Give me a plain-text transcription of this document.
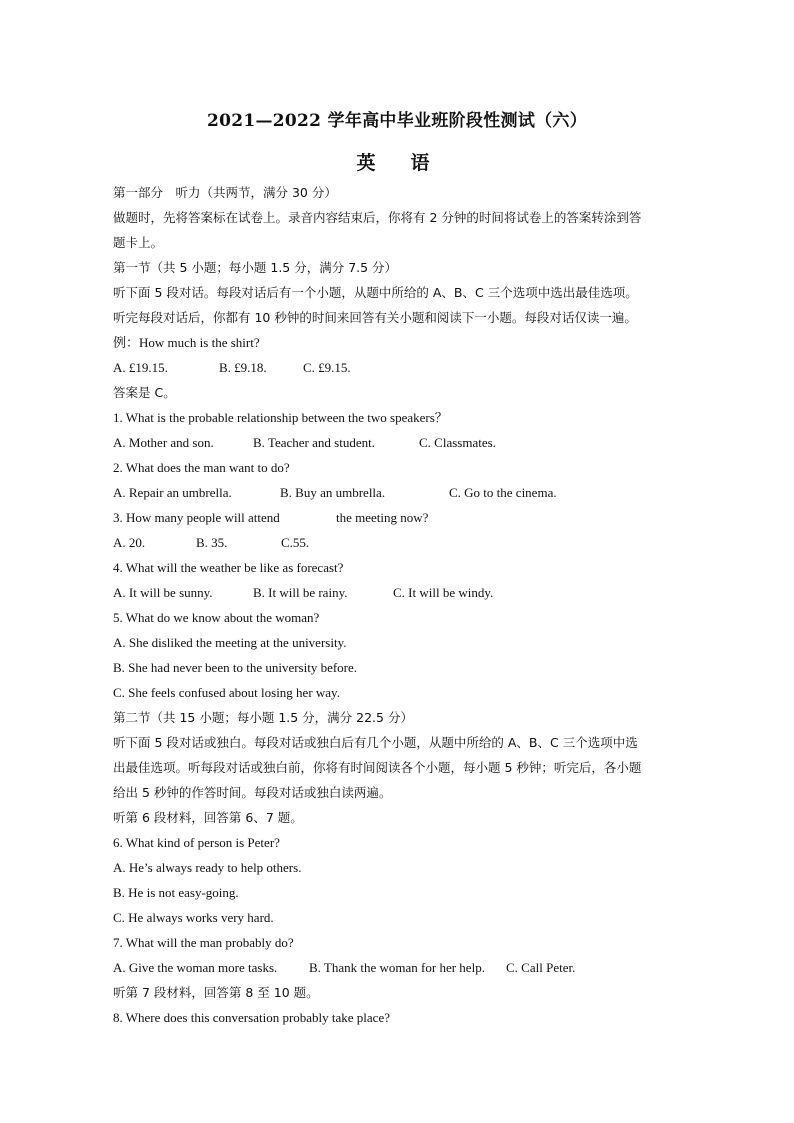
2021—2022 学年高中毕业班阶段性测试（六）
英　语
第一部分　听力（共两节，满分 30 分）
做题时，先将答案标在试卷上。录音内容结束后，你将有 2 分钟的时间将试卷上的答案转涂到答
题卡上。
第一节（共 5 小题；每小题 1.5 分，满分 7.5 分）
听下面 5 段对话。每段对话后有一个小题，从题中所给的 A、B、C 三个选项中选出最佳选项。
听完每段对话后，你都有 10 秒钟的时间来回答有关小题和阅读下一小题。每段对话仅读一遍。
例：How much is the shirt?
A. £19.15.	B. £9.18.	C. £9.15.
答案是 C。
1. What is the probable relationship between the two speakers？
A. Mother and son.	B. Teacher and student.	C. Classmates.
2. What does the man want to do?
A. Repair an umbrella.	B. Buy an umbrella.	C. Go to the cinema.
3. How many people will attend	the meeting now?
A. 20.	B. 35.	C.55.
4. What will the weather be like as forecast?
A. It will be sunny.	B. It will be rainy.	C. It will be windy.
5. What do we know about the woman?
A. She disliked the meeting at the university.
B. She had never been to the university before.
C. She feels confused about losing her way.
第二节（共 15 小题；每小题 1.5 分，满分 22.5 分）
听下面 5 段对话或独白。每段对话或独白后有几个小题，从题中所给的 A、B、C 三个选项中选
出最佳选项。听每段对话或独白前，你将有时间阅读各个小题，每小题 5 秒钟；听完后，各小题
给出 5 秒钟的作答时间。每段对话或独白读两遍。
听第 6 段材料，回答第 6、7 题。
6. What kind of person is Peter?
A. He’s always ready to help others.
B. He is not easy-going.
C. He always works very hard.
7. What will the man probably do?
A. Give the woman more tasks. B. Thank the woman for her help. C. Call Peter.
听第 7 段材料，回答第 8 至 10 题。
8. Where does this conversation probably take place?
